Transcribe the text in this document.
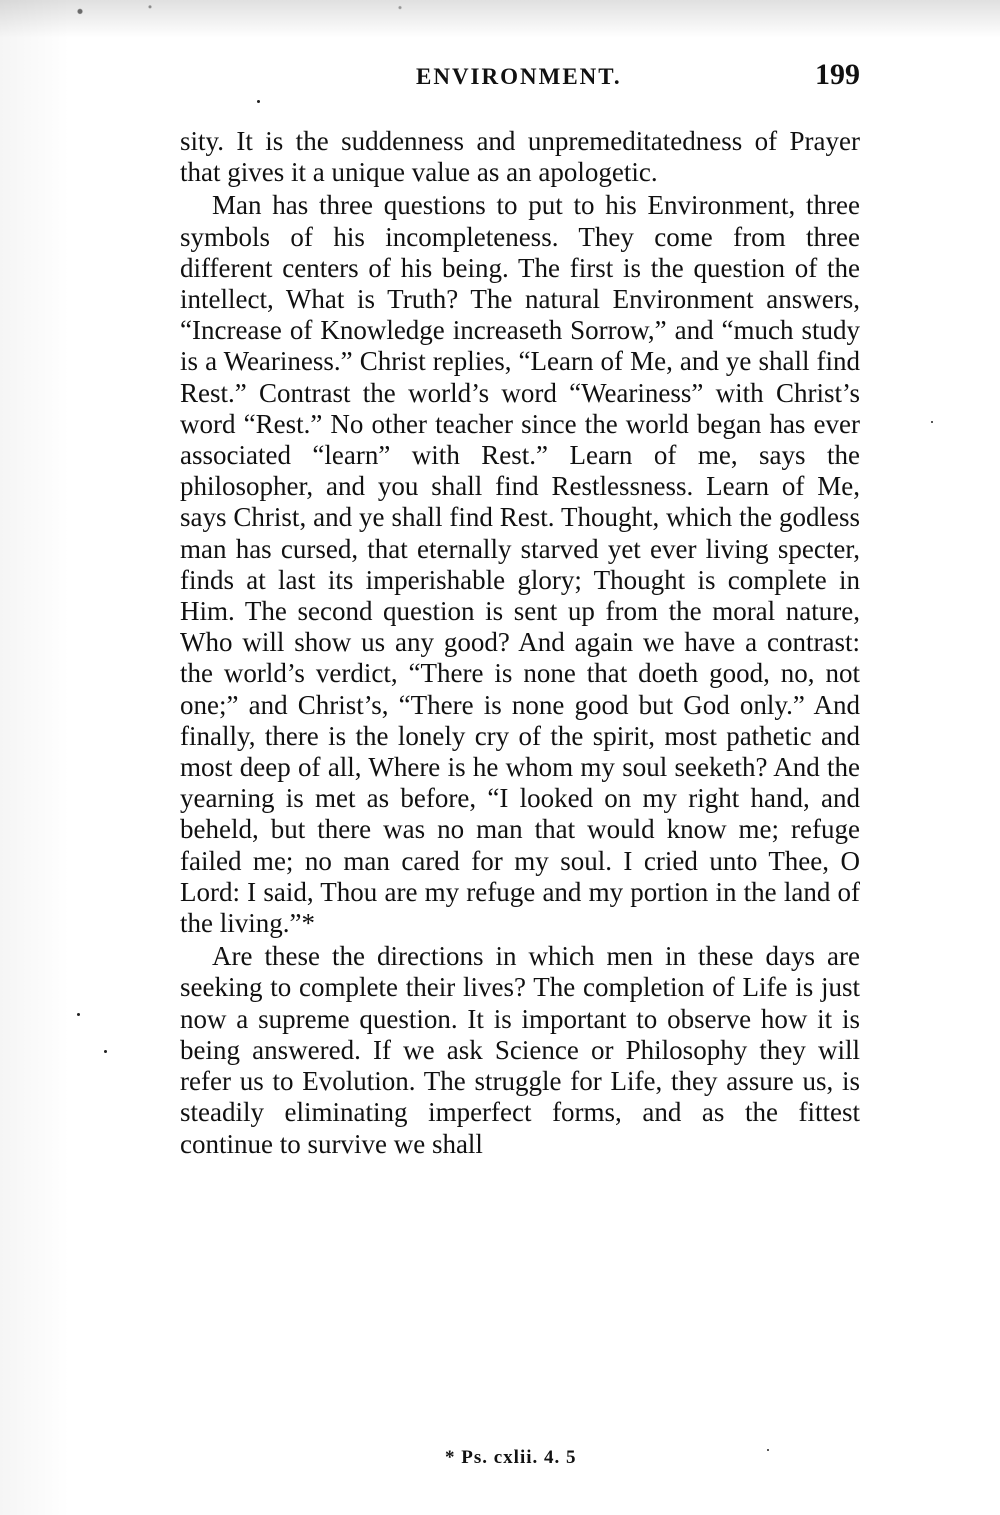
ENVIRONMENT.	199

sity. It is the suddenness and unpremeditatedness of Prayer that gives it a unique value as an apologetic.

Man has three questions to put to his Environment, three symbols of his incompleteness. They come from three different centers of his being. The first is the question of the intellect, What is Truth? The natural Environment answers, “Increase of Knowledge increaseth Sorrow,” and “much study is a Weariness.” Christ replies, “Learn of Me, and ye shall find Rest.” Contrast the world’s word “Weariness” with Christ’s word “Rest.” No other teacher since the world began has ever associated “learn” with Rest.” Learn of me, says the philosopher, and you shall find Restlessness. Learn of Me, says Christ, and ye shall find Rest. Thought, which the godless man has cursed, that eternally starved yet ever living specter, finds at last its imperishable glory; Thought is complete in Him. The second question is sent up from the moral nature, Who will show us any good? And again we have a contrast: the world’s verdict, “There is none that doeth good, no, not one;” and Christ’s, “There is none good but God only.” And finally, there is the lonely cry of the spirit, most pathetic and most deep of all, Where is he whom my soul seeketh? And the yearning is met as before, “I looked on my right hand, and beheld, but there was no man that would know me; refuge failed me; no man cared for my soul. I cried unto Thee, O Lord: I said, Thou are my refuge and my portion in the land of the living.”*

Are these the directions in which men in these days are seeking to complete their lives? The completion of Life is just now a supreme question. It is important to observe how it is being answered. If we ask Science or Philosophy they will refer us to Evolution. The struggle for Life, they assure us, is steadily eliminating imperfect forms, and as the fittest continue to survive we shall

* Ps. cxlii. 4. 5
